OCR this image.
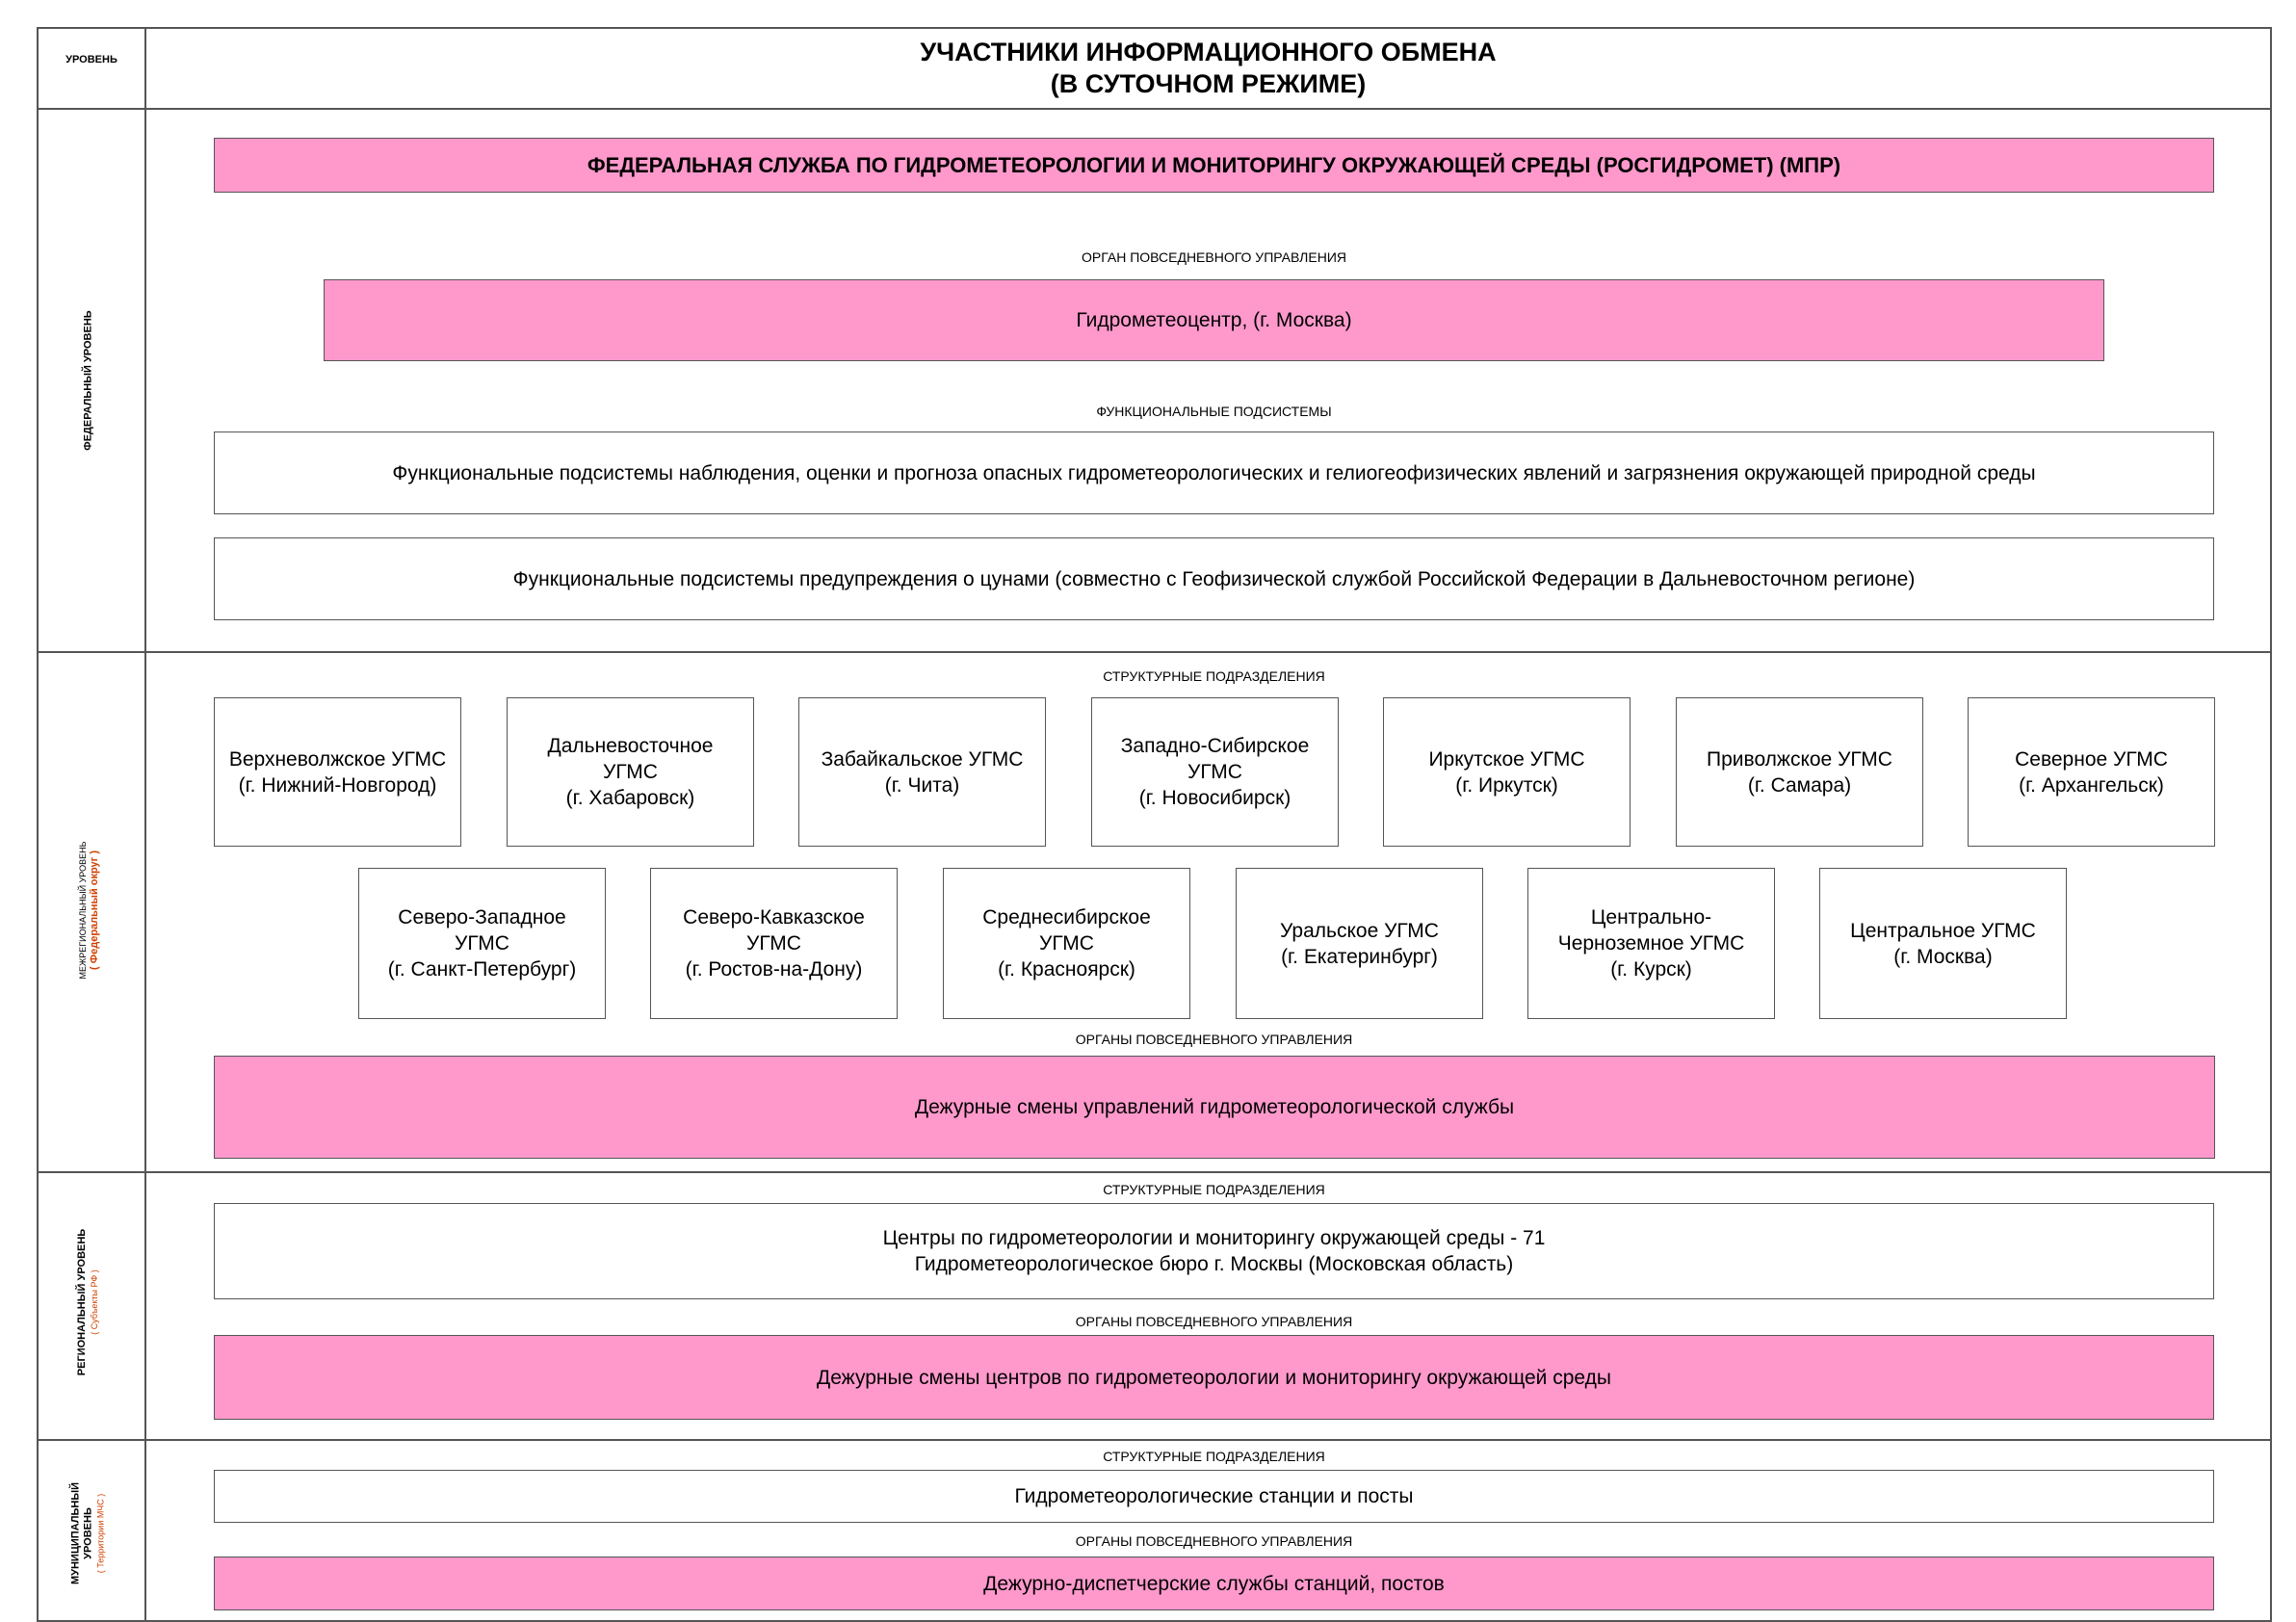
УРОВЕНЬ	УЧАСТНИКИ ИНФОРМАЦИОННОГО ОБМЕНА
(В СУТОЧНОМ РЕЖИМЕ)
ФЕДЕРАЛЬНЫЙ УРОВЕНЬ
МЕЖРЕГИОНАЛЬНЫЙ УРОВЕНЬ ( Федеральный округ )
РЕГИОНАЛЬНЫЙ УРОВЕНЬ ( Субъекты РФ )
МУНИЦИПАЛЬНЫЙ УРОВЕНЬ ( Территории МЧС )
ФЕДЕРАЛЬНАЯ СЛУЖБА ПО ГИДРОМЕТЕОРОЛОГИИ И МОНИТОРИНГУ ОКРУЖАЮЩЕЙ СРЕДЫ (РОСГИДРОМЕТ) (МПР)
ОРГАН ПОВСЕДНЕВНОГО УПРАВЛЕНИЯ
Гидрометеоцентр, (г. Москва)
ФУНКЦИОНАЛЬНЫЕ ПОДСИСТЕМЫ
Функциональные подсистемы наблюдения, оценки и прогноза опасных гидрометеорологических и гелиогеофизических явлений и загрязнения окружающей природной среды
Функциональные подсистемы предупреждения о цунами (совместно с Геофизической службой Российской Федерации в Дальневосточном регионе)
СТРУКТУРНЫЕ ПОДРАЗДЕЛЕНИЯ
Верхневолжское УГМС
(г. Нижний-Новгород)
Дальневосточное
УГМС
(г. Хабаровск)
Забайкальское УГМС
(г. Чита)
Западно-Сибирское
УГМС
(г. Новосибирск)
Иркутское УГМС
(г. Иркутск)
Приволжское УГМС
(г. Самара)
Северное УГМС
(г. Архангельск)
Северо-Западное
УГМС
(г. Санкт-Петербург)
Северо-Кавказское
УГМС
(г. Ростов-на-Дону)
Среднесибирское
УГМС
(г. Красноярск)
Уральское УГМС
(г. Екатеринбург)
Центрально-
Черноземное УГМС
(г. Курск)
Центральное УГМС
(г. Москва)
ОРГАНЫ ПОВСЕДНЕВНОГО УПРАВЛЕНИЯ
Дежурные смены управлений гидрометеорологической службы
СТРУКТУРНЫЕ ПОДРАЗДЕЛЕНИЯ
Центры по гидрометеорологии и мониторингу окружающей среды - 71
Гидрометеорологическое бюро г. Москвы (Московская область)
ОРГАНЫ ПОВСЕДНЕВНОГО УПРАВЛЕНИЯ
Дежурные смены центров по гидрометеорологии и мониторингу окружающей среды
СТРУКТУРНЫЕ ПОДРАЗДЕЛЕНИЯ
Гидрометеорологические станции и посты
ОРГАНЫ ПОВСЕДНЕВНОГО УПРАВЛЕНИЯ
Дежурно-диспетчерские службы станций, постов
